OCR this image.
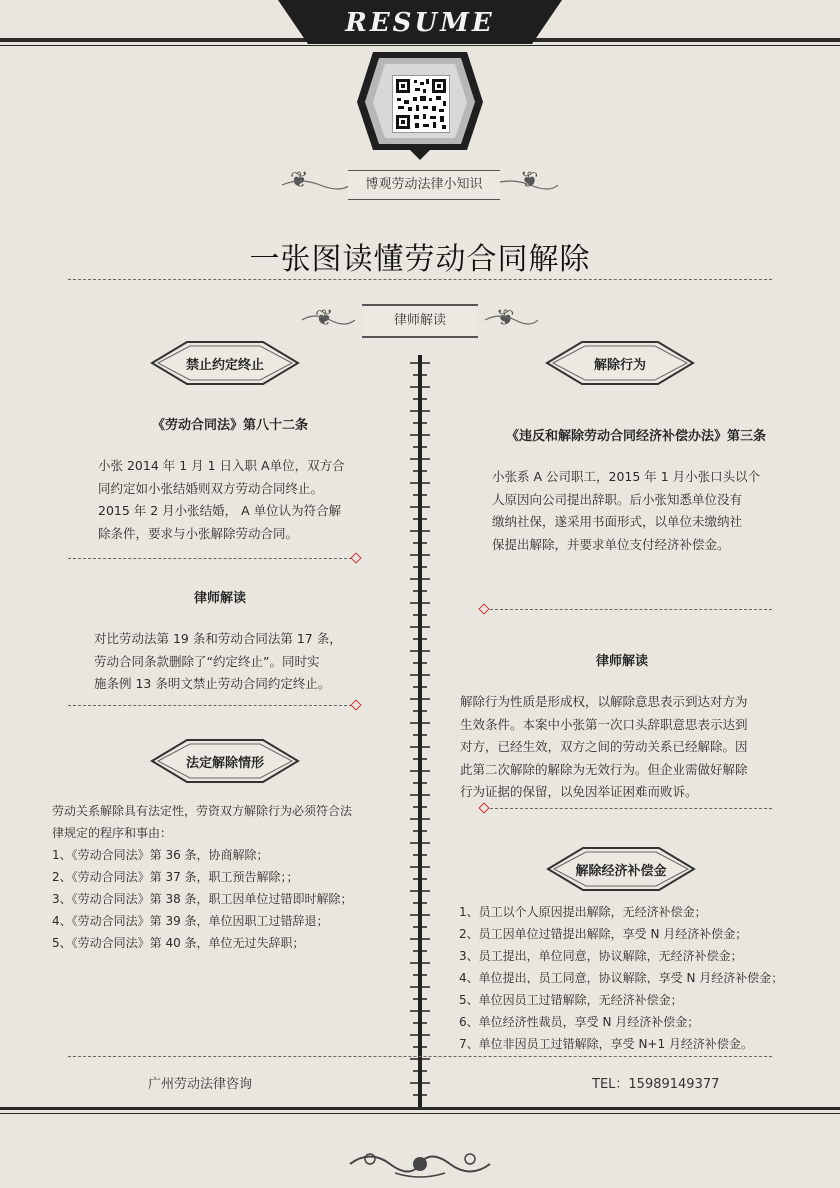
RESUME
❦	❦
博观劳动法律小知识
一张图读懂劳动合同解除
❦	❦
律师解读
禁止约定终止
《劳动合同法》第八十二条
小张 2014 年 1 月 1 日入职 A单位，双方合
同约定如小张结婚则双方劳动合同终止。
2015 年 2 月小张结婚， A 单位认为符合解
除条件，要求与小张解除劳动合同。
律师解读
对比劳动法第 19 条和劳动合同法第 17 条，
劳动合同条款删除了“约定终止”。同时实
施条例 13 条明文禁止劳动合同约定终止。
法定解除情形
劳动关系解除具有法定性，劳资双方解除行为必须符合法
律规定的程序和事由：
1、《劳动合同法》第 36 条，协商解除；
2、《劳动合同法》第 37 条，职工预告解除；；
3、《劳动合同法》第 38 条，职工因单位过错即时解除；
4、《劳动合同法》第 39 条，单位因职工过错辞退；
5、《劳动合同法》第 40 条，单位无过失辞职；
解除行为
《违反和解除劳动合同经济补偿办法》第三条
小张系 A 公司职工，2015 年 1 月小张口头以个
人原因向公司提出辞职。后小张知悉单位没有
缴纳社保，遂采用书面形式，以单位未缴纳社
保提出解除，并要求单位支付经济补偿金。
律师解读
解除行为性质是形成权，以解除意思表示到达对方为
生效条件。本案中小张第一次口头辞职意思表示达到
对方，已经生效，双方之间的劳动关系已经解除。因
此第二次解除的解除为无效行为。但企业需做好解除
行为证据的保留，以免因举证困难而败诉。
解除经济补偿金
1、员工以个人原因提出解除，无经济补偿金；
2、员工因单位过错提出解除，享受 N 月经济补偿金；
3、员工提出，单位同意，协议解除，无经济补偿金；
4、单位提出，员工同意，协议解除，享受 N 月经济补偿金；
5、单位因员工过错解除，无经济补偿金；
6、单位经济性裁员，享受 N 月经济补偿金；
7、单位非因员工过错解除，享受 N+1 月经济补偿金。
广州劳动法律咨询	TEL：15989149377
